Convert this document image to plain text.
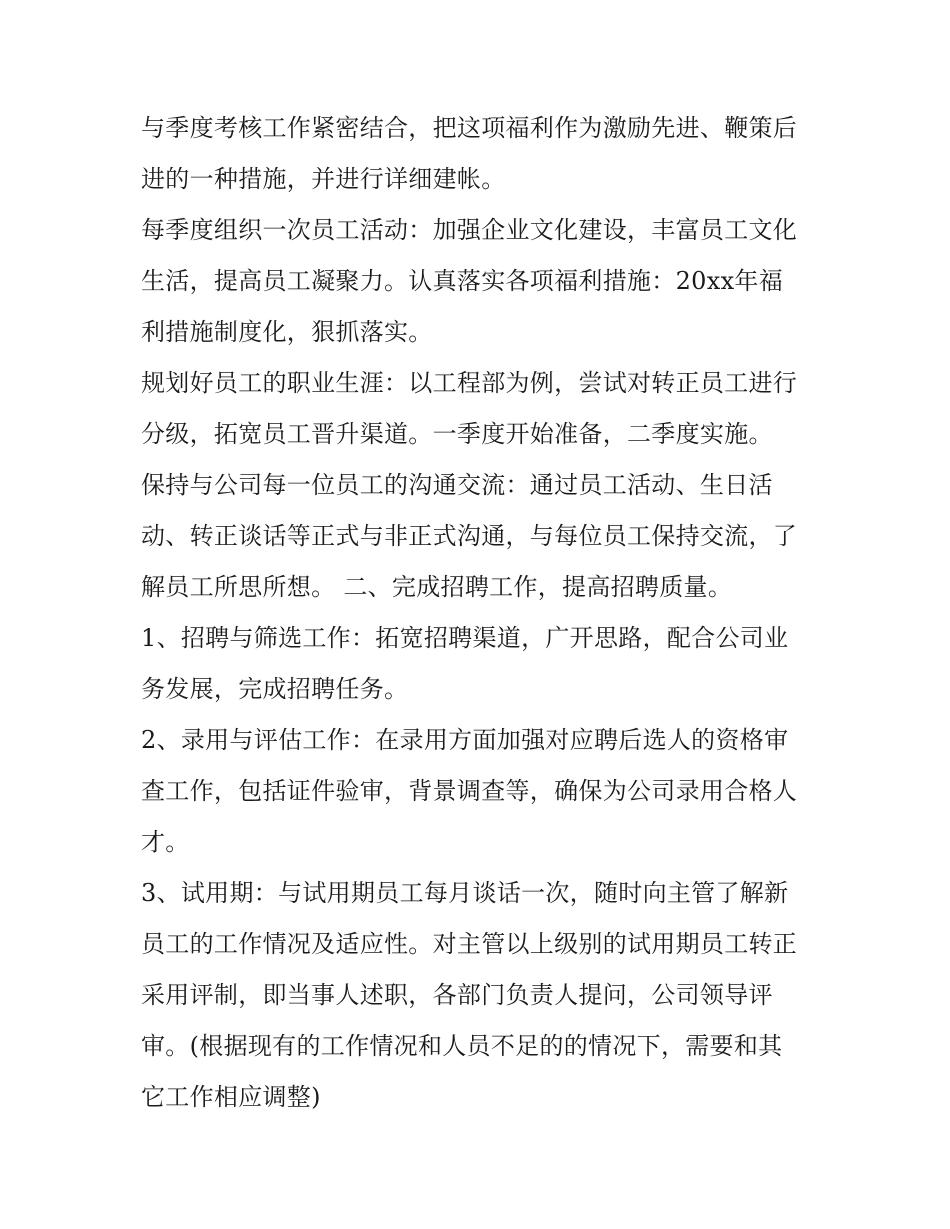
与季度考核工作紧密结合，把这项福利作为激励先进、鞭策后
进的一种措施，并进行详细建帐。
每季度组织一次员工活动：加强企业文化建设，丰富员工文化
生活，提高员工凝聚力。认真落实各项福利措施：20xx年福
利措施制度化，狠抓落实。
规划好员工的职业生涯：以工程部为例，尝试对转正员工进行
分级，拓宽员工晋升渠道。一季度开始准备，二季度实施。
保持与公司每一位员工的沟通交流：通过员工活动、生日活
动、转正谈话等正式与非正式沟通，与每位员工保持交流，了
解员工所思所想。 二、完成招聘工作，提高招聘质量。
1、招聘与筛选工作：拓宽招聘渠道，广开思路，配合公司业
务发展，完成招聘任务。
2、录用与评估工作：在录用方面加强对应聘后选人的资格审
查工作，包括证件验审，背景调查等，确保为公司录用合格人
才。
3、试用期：与试用期员工每月谈话一次，随时向主管了解新
员工的工作情况及适应性。对主管以上级别的试用期员工转正
采用评制，即当事人述职，各部门负责人提问，公司领导评
审。(根据现有的工作情况和人员不足的的情况下，需要和其
它工作相应调整)
